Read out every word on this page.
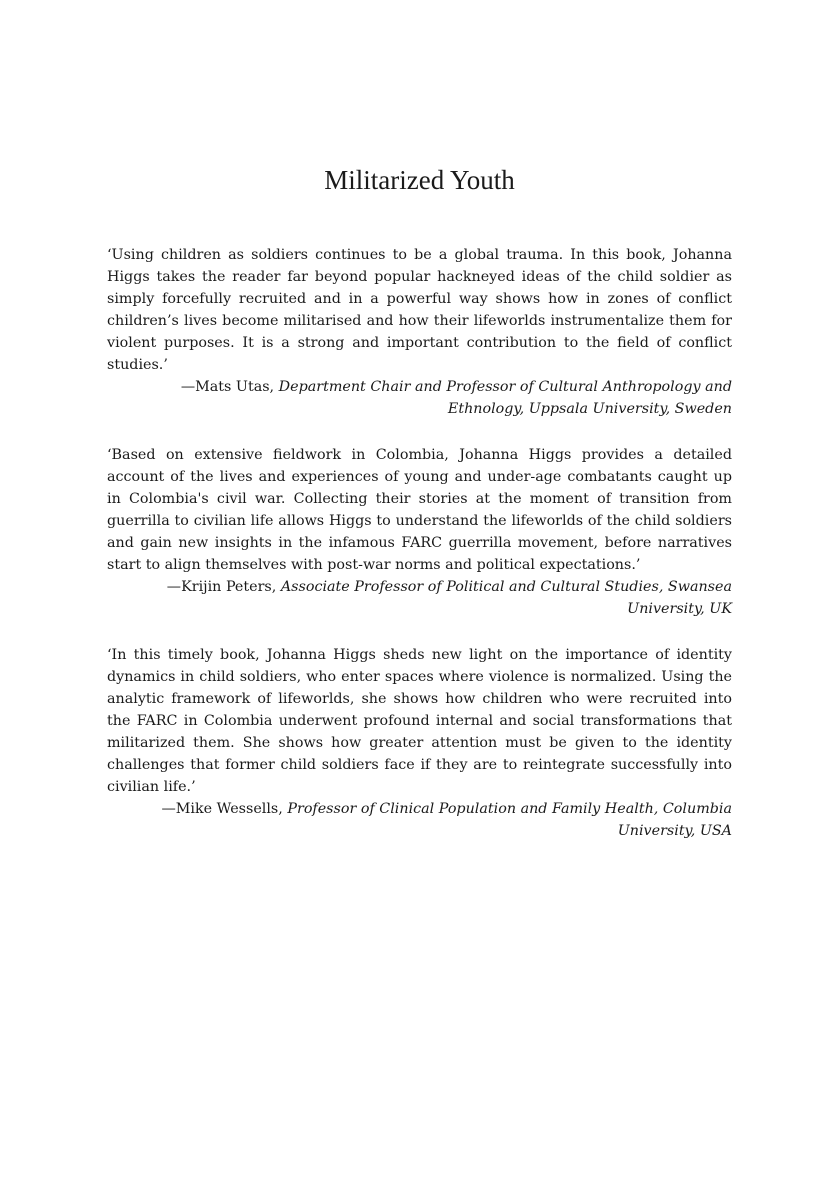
Militarized Youth

‘Using children as soldiers continues to be a global trauma. In this book, Johanna Higgs takes the reader far beyond popular hackneyed ideas of the child soldier as simply forcefully recruited and in a powerful way shows how in zones of conflict children’s lives become militarised and how their lifeworlds instrumentalize them for violent purposes. It is a strong and important contribution to the field of conflict studies.’

—Mats Utas, Department Chair and Professor of Cultural Anthropology and Ethnology, Uppsala University, Sweden

‘Based on extensive fieldwork in Colombia, Johanna Higgs provides a detailed account of the lives and experiences of young and under-age combatants caught up in Colombia's civil war. Collecting their stories at the moment of transition from guerrilla to civilian life allows Higgs to understand the lifeworlds of the child soldiers and gain new insights in the infamous FARC guerrilla movement, before narratives start to align themselves with post-war norms and political expectations.’

—Krijin Peters, Associate Professor of Political and Cultural Studies, Swansea University, UK

‘In this timely book, Johanna Higgs sheds new light on the importance of identity dynamics in child soldiers, who enter spaces where violence is normalized. Using the analytic framework of lifeworlds, she shows how children who were recruited into the FARC in Colombia underwent profound internal and social transformations that militarized them. She shows how greater attention must be given to the identity challenges that former child soldiers face if they are to reintegrate successfully into civilian life.’

—Mike Wessells, Professor of Clinical Population and Family Health, Columbia University, USA
